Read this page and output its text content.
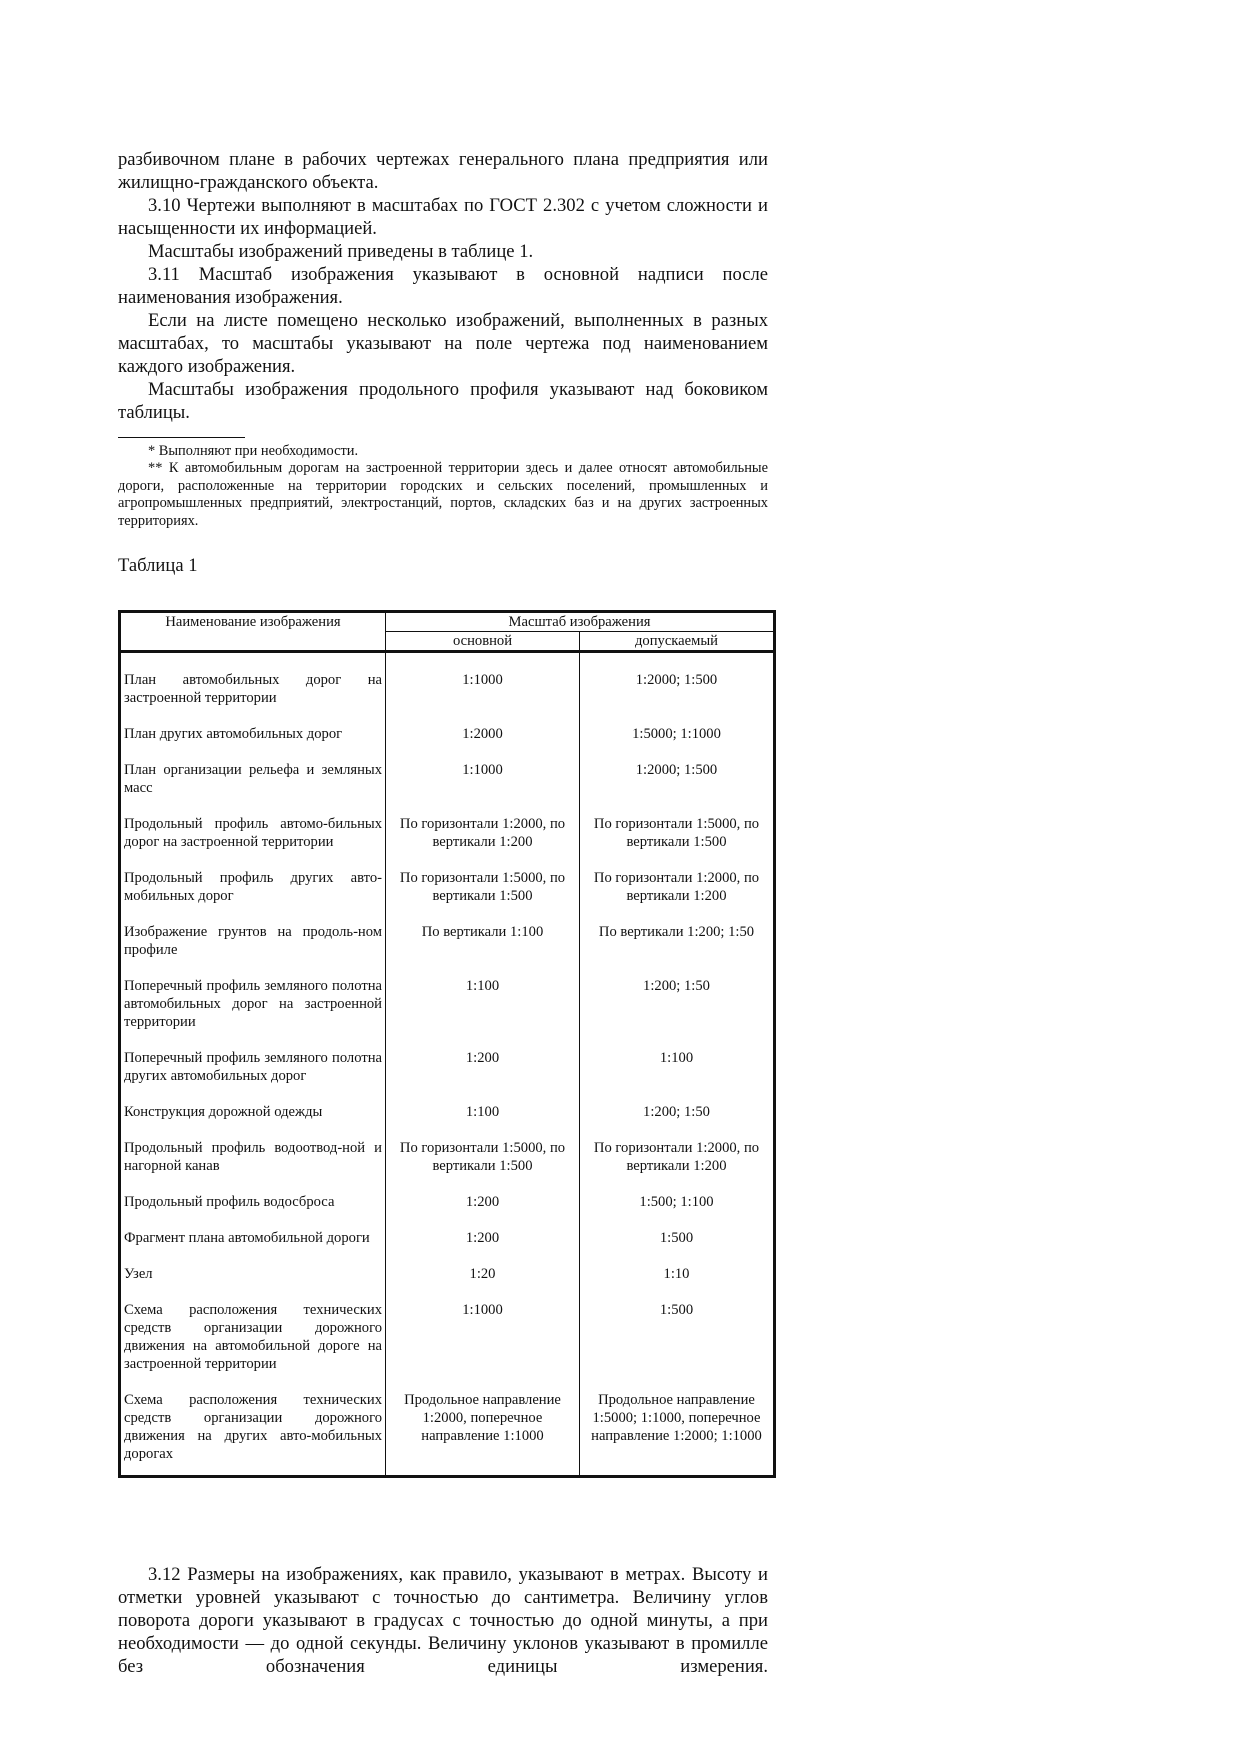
разбивочном плане в рабочих чертежах генерального плана предприятия или жилищно-гражданского объекта.

3.10 Чертежи выполняют в масштабах по ГОСТ 2.302 с учетом сложности и насыщенности их информацией.

Масштабы изображений приведены в таблице 1.

3.11 Масштаб изображения указывают в основной надписи после наименования изображения.

Если на листе помещено несколько изображений, выполненных в разных масштабах, то масштабы указывают на поле чертежа под наименованием каждого изображения.

Масштабы изображения продольного профиля указывают над боковиком таблицы.

* Выполняют при необходимости.

** К автомобильным дорогам на застроенной территории здесь и далее относят автомобильные дороги, расположенные на территории городских и сельских поселений, промышленных и агропромышленных предприятий, электростанций, портов, складских баз и на других застроенных территориях.

Таблица 1

Наименование изображения	Масштаб изображения	
	основной	допускаемый
План автомобильных дорог на застроенной территории	1:1000	1:2000; 1:500
План других автомобильных дорог	1:2000	1:5000; 1:1000
План организации рельефа и земляных масс	1:1000	1:2000; 1:500
Продольный профиль автомо-бильных дорог на застроенной территории	По горизонтали 1:2000, по вертикали 1:200	По горизонтали 1:5000, по вертикали 1:500
Продольный профиль других авто-мобильных дорог	По горизонтали 1:5000, по вертикали 1:500	По горизонтали 1:2000, по вертикали 1:200
Изображение грунтов на продоль-ном профиле	По вертикали 1:100	По вертикали 1:200; 1:50
Поперечный профиль земляного полотна автомобильных дорог на застроенной территории	1:100	1:200; 1:50
Поперечный профиль земляного полотна других автомобильных дорог	1:200	1:100
Конструкция дорожной одежды	1:100	1:200; 1:50
Продольный профиль водоотвод-ной и нагорной канав	По горизонтали 1:5000, по вертикали 1:500	По горизонтали 1:2000, по вертикали 1:200
Продольный профиль водосброса	1:200	1:500; 1:100
Фрагмент плана автомобильной дороги	1:200	1:500
Узел	1:20	1:10
Схема расположения технических средств организации дорожного движения на автомобильной дороге на застроенной территории	1:1000	1:500
Схема расположения технических средств организации дорожного движения на других авто-мобильных дорогах	Продольное направление 1:2000, поперечное направление 1:1000	Продольное направление 1:5000; 1:1000, поперечное направление 1:2000; 1:1000

3.12 Размеры на изображениях, как правило, указывают в метрах. Высоту и отметки уровней указывают с точностью до сантиметра. Величину углов поворота дороги указывают в градусах с точностью до одной минуты, а при необходимости — до одной секунды. Величину уклонов указывают в промилле без обозначения единицы измерения.
